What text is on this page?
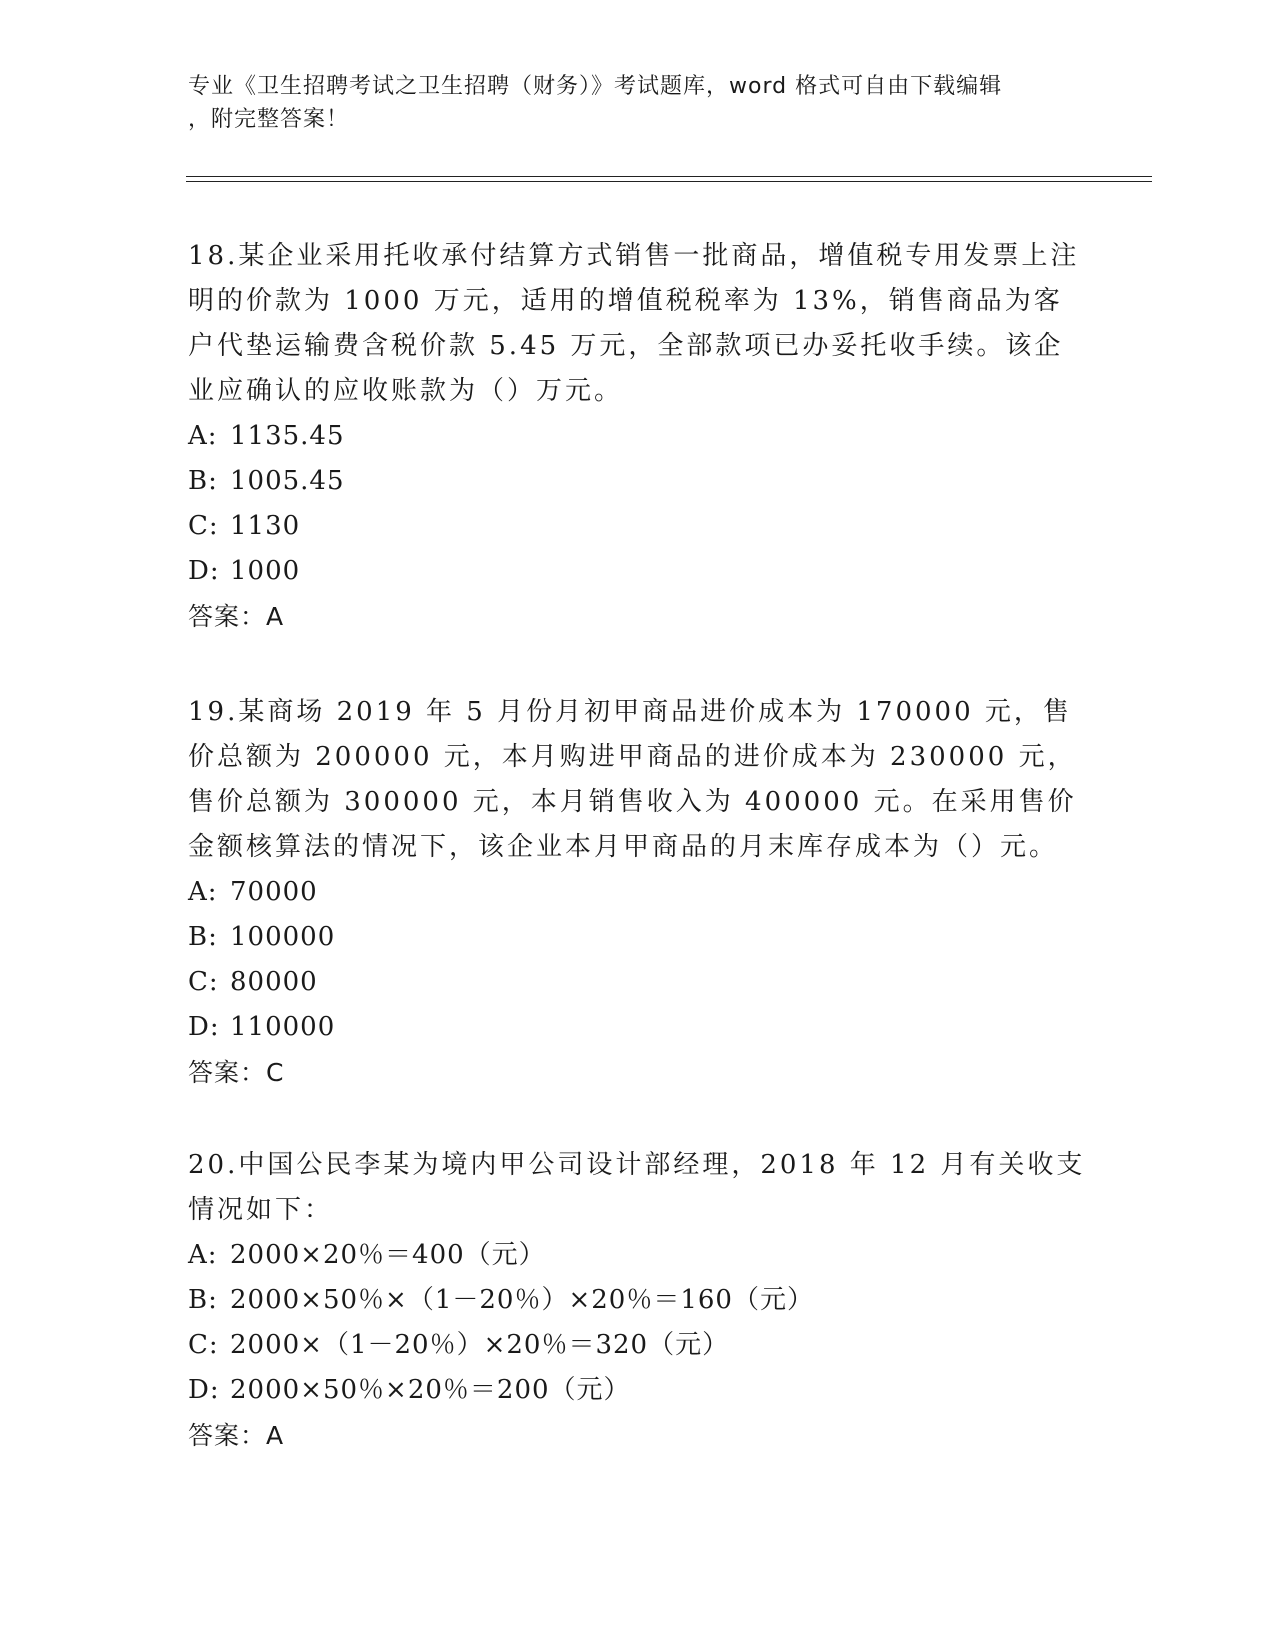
专业《卫生招聘考试之卫生招聘（财务）》考试题库，word 格式可自由下载编辑
，附完整答案！

18.某企业采用托收承付结算方式销售一批商品，增值税专用发票上注明的价款为 1000 万元，适用的增值税税率为 13%，销售商品为客户代垫运输费含税价款 5.45 万元，全部款项已办妥托收手续。该企业应确认的应收账款为（）万元。

A: 1135.45

B: 1005.45

C: 1130

D: 1000

答案：A

19.某商场 2019 年 5 月份月初甲商品进价成本为 170000 元，售价总额为 200000 元，本月购进甲商品的进价成本为 230000 元，售价总额为 300000 元，本月销售收入为 400000 元。在采用售价金额核算法的情况下，该企业本月甲商品的月末库存成本为（）元。

A: 70000

B: 100000

C: 80000

D: 110000

答案：C

20.中国公民李某为境内甲公司设计部经理，2018 年 12 月有关收支情况如下：

A: 2000×20％＝400（元）

B: 2000×50％×（1－20％）×20％＝160（元）

C: 2000×（1－20％）×20％＝320（元）

D: 2000×50％×20％＝200（元）

答案：A
